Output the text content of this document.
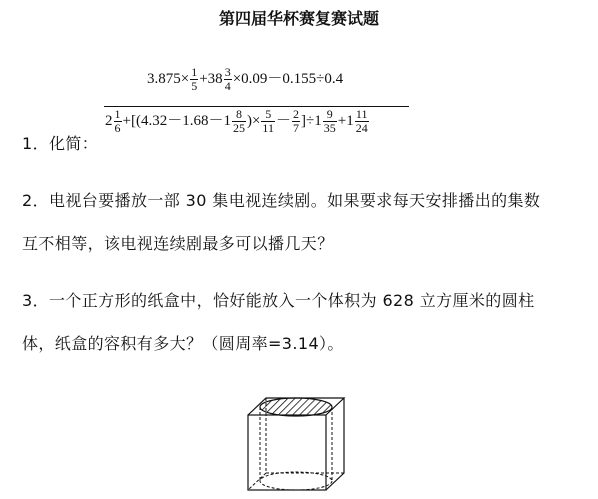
第四届华杯赛复赛试题
$3.875\times \frac{1}{5} +38 \frac{3}{4} \times 0.09-0.155\div 0.4$
1．化简：
$2 \frac{1}{6} +[(4.32-1.68-1 \frac{8}{25}$ )× $\frac{5}{11} - \frac{2}{7} ]\div 1 \frac{9}{35} +1 \frac{11}{24}$
2．电视台要播放一部 30 集电视连续剧。如果要求每天安排播出的集数
互不相等，该电视连续剧最多可以播几天？
3．一个正方形的纸盒中，恰好能放入一个体积为 628 立方厘米的圆柱
体，纸盒的容积有多大？（圆周率=3.14）。
